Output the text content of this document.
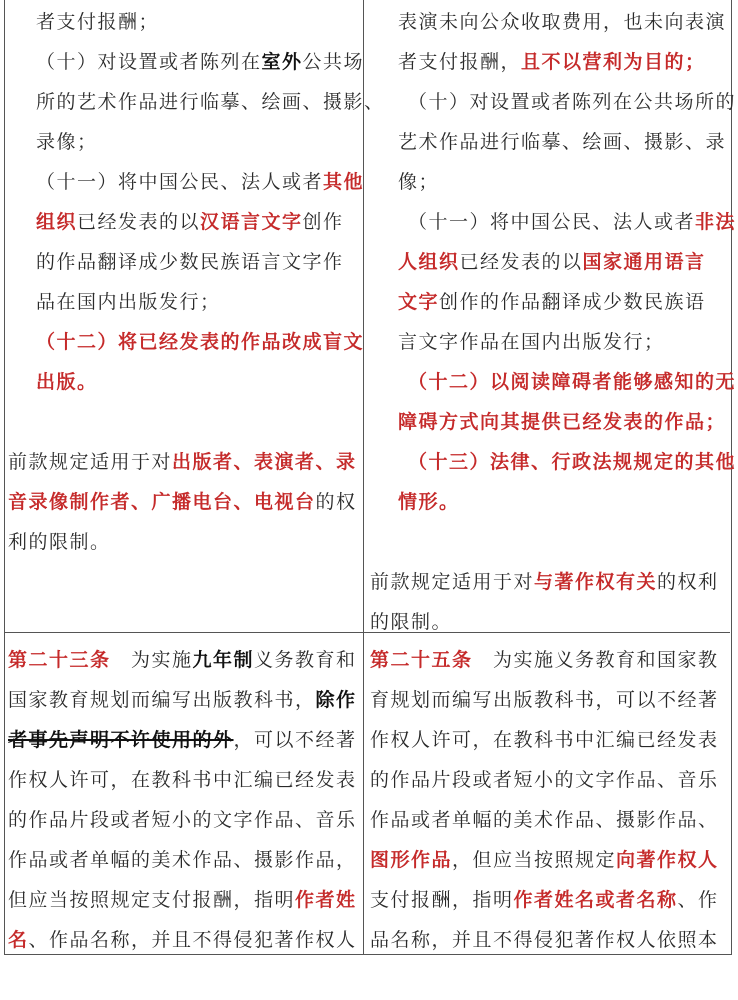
者支付报酬；

（十）对设置或者陈列在室外公共场

所的艺术作品进行临摹、绘画、摄影、

录像；

（十一）将中国公民、法人或者其他

组织已经发表的以汉语言文字创作

的作品翻译成少数民族语言文字作

品在国内出版发行；

（十二）将已经发表的作品改成盲文

出版。

前款规定适用于对出版者、表演者、录

音录像制作者、广播电台、电视台的权

利的限制。

表演未向公众收取费用，也未向表演

者支付报酬，且不以营利为目的；

（十）对设置或者陈列在公共场所的

艺术作品进行临摹、绘画、摄影、录

像；

（十一）将中国公民、法人或者非法

人组织已经发表的以国家通用语言

文字创作的作品翻译成少数民族语

言文字作品在国内出版发行；

（十二）以阅读障碍者能够感知的无

障碍方式向其提供已经发表的作品；

（十三）法律、行政法规规定的其他

情形。

前款规定适用于对与著作权有关的权利

的限制。

第二十三条　为实施九年制义务教育和

国家教育规划而编写出版教科书，除作

者事先声明不许使用的外，可以不经著

作权人许可，在教科书中汇编已经发表

的作品片段或者短小的文字作品、音乐

作品或者单幅的美术作品、摄影作品，

但应当按照规定支付报酬，指明作者姓

名、作品名称，并且不得侵犯著作权人

第二十五条　为实施义务教育和国家教

育规划而编写出版教科书，可以不经著

作权人许可，在教科书中汇编已经发表

的作品片段或者短小的文字作品、音乐

作品或者单幅的美术作品、摄影作品、

图形作品，但应当按照规定向著作权人

支付报酬，指明作者姓名或者名称、作

品名称，并且不得侵犯著作权人依照本
